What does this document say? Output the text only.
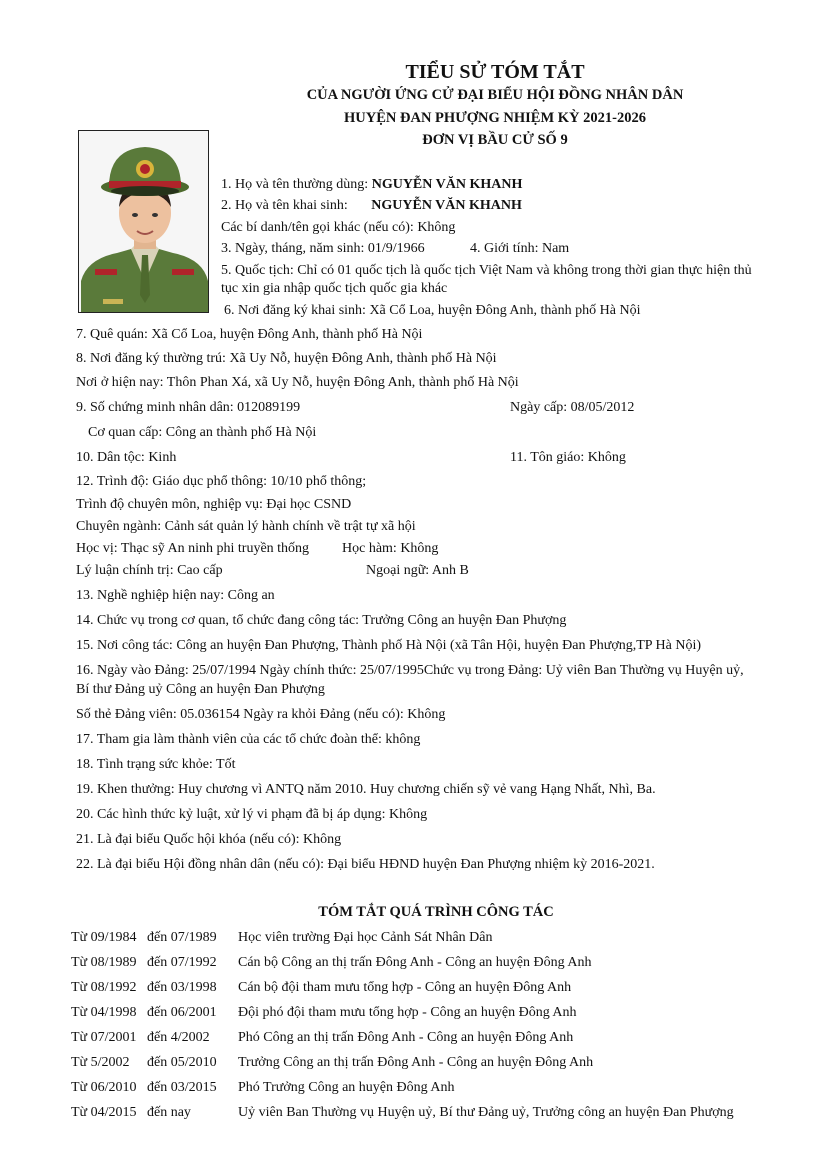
TIỂU SỬ TÓM TẮT
CỦA NGƯỜI ỨNG CỬ ĐẠI BIỂU HỘI ĐỒNG NHÂN DÂN
HUYỆN ĐAN PHƯỢNG NHIỆM KỲ 2021-2026
ĐƠN VỊ BẦU CỬ SỐ 9
1. Họ và tên thường dùng: NGUYỄN VĂN KHANH
2. Họ và tên khai sinh: NGUYỄN VĂN KHANH
Các bí danh/tên gọi khác (nếu có): Không
3. Ngày, tháng, năm sinh: 01/9/1966	4. Giới tính: Nam
5. Quốc tịch: Chỉ có 01 quốc tịch là quốc tịch Việt Nam và không trong thời gian thực hiện thủ
tục xin gia nhập quốc tịch quốc gia khác
6. Nơi đăng ký khai sinh: Xã Cổ Loa, huyện Đông Anh, thành phố Hà Nội
7. Quê quán: Xã Cổ Loa, huyện Đông Anh, thành phố Hà Nội
8. Nơi đăng ký thường trú: Xã Uy Nỗ, huyện Đông Anh, thành phố Hà Nội
Nơi ở hiện nay: Thôn Phan Xá, xã Uy Nỗ, huyện Đông Anh, thành phố Hà Nội
9. Số chứng minh nhân dân: 012089199	Ngày cấp: 08/05/2012
Cơ quan cấp: Công an thành phố Hà Nội
10. Dân tộc: Kinh	11. Tôn giáo: Không
12. Trình độ: Giáo dục phổ thông: 10/10 phổ thông;
Trình độ chuyên môn, nghiệp vụ: Đại học CSND
Chuyên ngành: Cảnh sát quản lý hành chính về trật tự xã hội
Học vị: Thạc sỹ An ninh phi truyền thống Học hàm: Không
Lý luận chính trị: Cao cấp	Ngoại ngữ: Anh B
13. Nghề nghiệp hiện nay: Công an
14. Chức vụ trong cơ quan, tổ chức đang công tác: Trưởng Công an huyện Đan Phượng
15. Nơi công tác: Công an huyện Đan Phượng, Thành phố Hà Nội (xã Tân Hội, huyện Đan Phượng,TP Hà Nội)
16. Ngày vào Đảng: 25/07/1994 Ngày chính thức: 25/07/1995Chức vụ trong Đảng: Uỷ viên Ban Thường vụ Huyện uỷ,
Bí thư Đảng uỷ Công an huyện Đan Phượng
Số thẻ Đảng viên: 05.036154 Ngày ra khỏi Đảng (nếu có): Không
17. Tham gia làm thành viên của các tổ chức đoàn thể: không
18. Tình trạng sức khỏe: Tốt
19. Khen thưởng: Huy chương vì ANTQ năm 2010. Huy chương chiến sỹ vẻ vang Hạng Nhất, Nhì, Ba.
20. Các hình thức kỷ luật, xử lý vi phạm đã bị áp dụng: Không
21. Là đại biểu Quốc hội khóa (nếu có): Không
22. Là đại biểu Hội đồng nhân dân (nếu có): Đại biểu HĐND huyện Đan Phượng nhiệm kỳ 2016-2021.
TÓM TẮT QUÁ TRÌNH CÔNG TÁC
Từ 09/1984 đến 07/1989 Học viên trường Đại học Cảnh Sát Nhân Dân
Từ 08/1989 đến 07/1992 Cán bộ Công an thị trấn Đông Anh - Công an huyện Đông Anh
Từ 08/1992 đến 03/1998 Cán bộ đội tham mưu tổng hợp - Công an huyện Đông Anh
Từ 04/1998 đến 06/2001 Đội phó đội tham mưu tổng hợp - Công an huyện Đông Anh
Từ 07/2001 đến 4/2002 Phó Công an thị trấn Đông Anh - Công an huyện Đông Anh
Từ 5/2002 đến 05/2010 Trưởng Công an thị trấn Đông Anh - Công an huyện Đông Anh
Từ 06/2010 đến 03/2015 Phó Trưởng Công an huyện Đông Anh
Từ 04/2015 đến nay	Uỷ viên Ban Thường vụ Huyện uỷ, Bí thư Đảng uỷ, Trưởng công an huyện Đan Phượng
